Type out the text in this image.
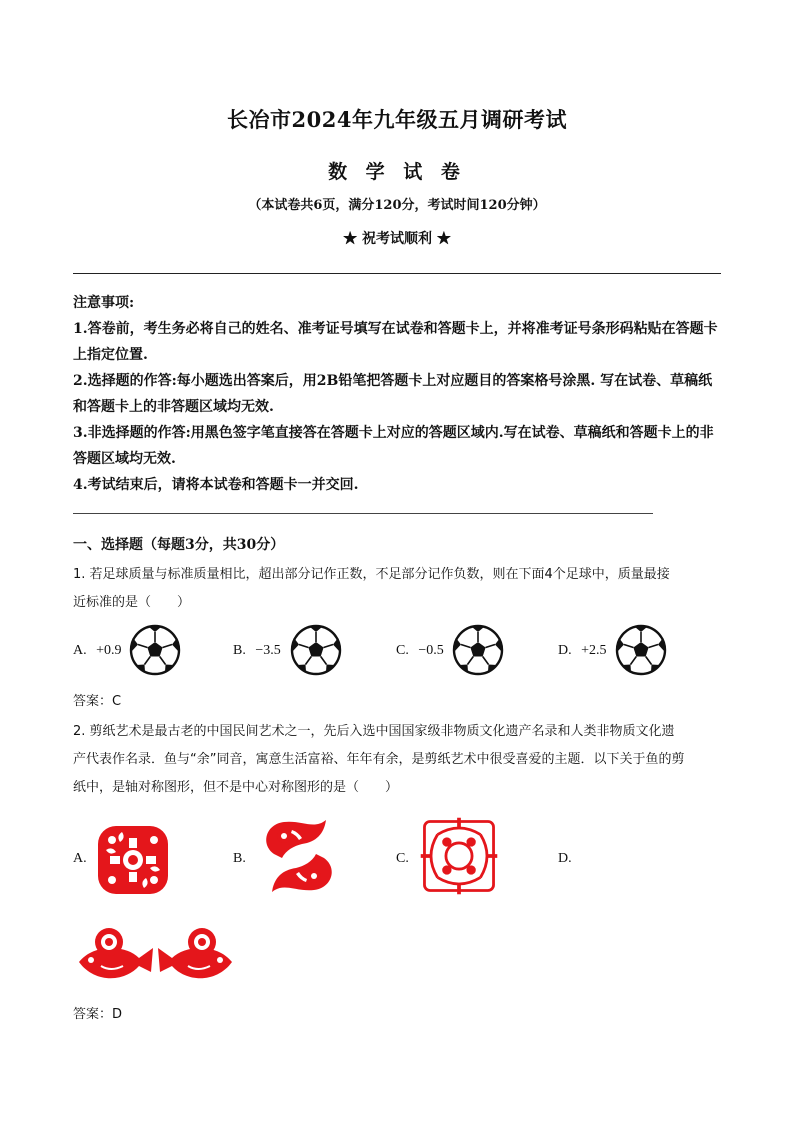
长冶市2024年九年级五月调研考试
数 学 试 卷
（本试卷共6页，满分120分，考试时间120分钟）
★ 祝考试顺利 ★

注意事项:

1.答卷前，考生务必将自己的姓名、准考证号填写在试卷和答题卡上，并将准考证号条形码粘贴在答题卡上指定位置.

2.选择题的作答:每小题选出答案后，用2B铅笔把答题卡上对应题目的答案格号涂黑. 写在试卷、草稿纸和答题卡上的非答题区域均无效.

3.非选择题的作答:用黑色签字笔直接答在答题卡上对应的答题区域内.写在试卷、草稿纸和答题卡上的非答题区域均无效.

4.考试结束后，请将本试卷和答题卡一并交回.

一、选择题（每题3分，共30分）

1. 若足球质量与标准质量相比，超出部分记作正数，不足部分记作负数，则在下面4个足球中，质量最接

近标准的是（　　）

A. +0.9	B. −3.5	C. −0.5	D. +2.5
答案：C

2. 剪纸艺术是最古老的中国民间艺术之一，先后入选中国国家级非物质文化遗产名录和人类非物质文化遗

产代表作名录．鱼与“余”同音，寓意生活富裕、年年有余，是剪纸艺术中很受喜爱的主题．以下关于鱼的剪

纸中，是轴对称图形，但不是中心对称图形的是（　　）

A.	B.	C.	D.
答案：D
